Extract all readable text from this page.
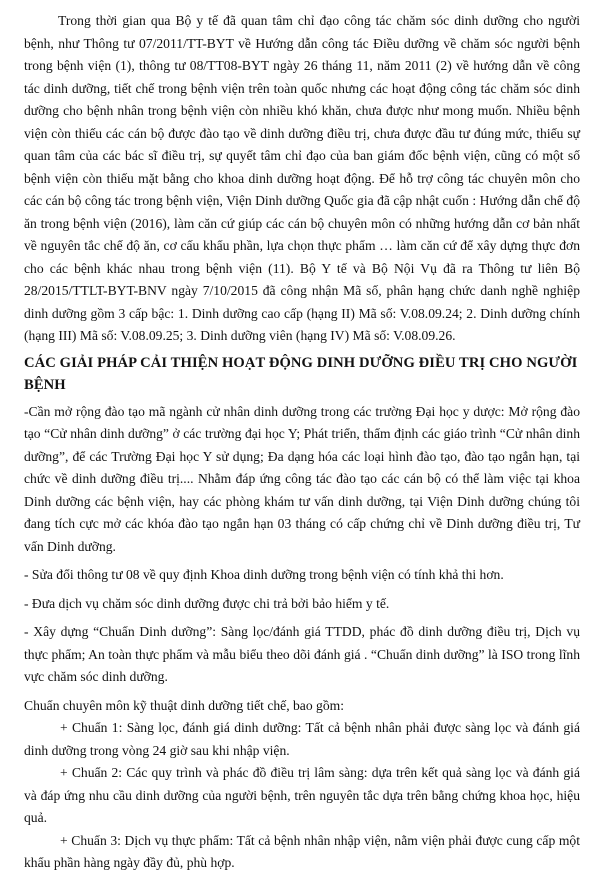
Trong thời gian qua Bộ y tế đã quan tâm chỉ đạo công tác chăm sóc dinh dưỡng cho người bệnh, như Thông tư 07/2011/TT-BYT về Hướng dẫn công tác Điều dưỡng về chăm sóc người bệnh trong bệnh viện (1), thông tư 08/TT08-BYT ngày 26 tháng 11, năm 2011 (2) về hướng dẫn về công tác dinh dưỡng, tiết chế trong bệnh viện trên toàn quốc nhưng các hoạt động công tác chăm sóc dinh dưỡng cho bệnh nhân trong bệnh viện còn nhiều khó khăn, chưa được như mong muốn. Nhiều bệnh viện còn thiếu các cán bộ được đào tạo về dinh dưỡng điều trị, chưa được đầu tư đúng mức, thiếu sự quan tâm của các bác sĩ điều trị, sự quyết tâm chỉ đạo của ban giám đốc bệnh viện, cũng có một số bệnh viện còn thiếu mặt bằng cho khoa dinh dưỡng hoạt động. Để hỗ trợ công tác chuyên môn cho các cán bộ công tác trong bệnh viện, Viện Dinh dưỡng Quốc gia đã cập nhật cuốn : Hướng dẫn chế độ ăn trong bệnh viện (2016), làm căn cứ giúp các cán bộ chuyên môn có những hướng dẫn cơ bản nhất về nguyên tắc chế độ ăn, cơ cấu khẩu phần, lựa chọn thực phẩm … làm căn cứ để xây dựng thực đơn cho các bệnh khác nhau trong bệnh viện (11). Bộ Y tế và Bộ Nội Vụ đã ra Thông tư liên Bộ 28/2015/TTLT-BYT-BNV ngày 7/10/2015 đã công nhận Mã số, phân hạng chức danh nghề nghiệp dinh dưỡng gồm 3 cấp bậc: 1. Dinh dưỡng cao cấp (hạng II) Mã số: V.08.09.24; 2. Dinh dưỡng chính (hạng III) Mã số: V.08.09.25; 3. Dinh dưỡng viên (hạng IV) Mã số: V.08.09.26.

CÁC GIẢI PHÁP CẢI THIỆN HOẠT ĐỘNG DINH DƯỠNG ĐIỀU TRỊ CHO NGƯỜI BỆNH

-Cần mở rộng đào tạo mã ngành cử nhân dinh dưỡng trong các trường Đại học y dược: Mở rộng đào tạo “Cử nhân dinh dưỡng” ở các trường đại học Y; Phát triển, thẩm định các giáo trình “Cử nhân dinh dưỡng”, để các Trường Đại học Y sử dụng; Đa dạng hóa các loại hình đào tạo, đào tạo ngắn hạn, tại chức về dinh dưỡng điều trị.... Nhằm đáp ứng công tác đào tạo các cán bộ có thể làm việc tại khoa Dinh dưỡng các bệnh viện, hay các phòng khám tư vấn dinh dưỡng, tại Viện Dinh dưỡng chúng tôi đang tích cực mở các khóa đào tạo ngắn hạn 03 tháng có cấp chứng chỉ về Dinh dưỡng điều trị, Tư vấn Dinh dưỡng.

- Sửa đổi thông tư 08 về quy định Khoa dinh dưỡng trong bệnh viện có tính khả thi hơn.

- Đưa dịch vụ chăm sóc dinh dưỡng được chi trả bởi bảo hiểm y tế.

- Xây dựng “Chuẩn Dinh dưỡng”: Sàng lọc/đánh giá TTDD, phác đồ dinh dưỡng điều trị, Dịch vụ thực phẩm; An toàn thực phẩm và mẫu biểu theo dõi đánh giá . “Chuẩn dinh dưỡng” là ISO trong lĩnh vực chăm sóc dinh dưỡng.

Chuẩn chuyên môn kỹ thuật dinh dưỡng tiết chế, bao gồm:

+ Chuẩn 1: Sàng lọc, đánh giá dinh dưỡng: Tất cả bệnh nhân phải được sàng lọc và đánh giá dinh dưỡng trong vòng 24 giờ sau khi nhập viện.

+ Chuẩn 2: Các quy trình và phác đồ điều trị lâm sàng: dựa trên kết quả sàng lọc và đánh giá và đáp ứng nhu cầu dinh dưỡng của người bệnh, trên nguyên tắc dựa trên bằng chứng khoa học, hiệu quả.

+ Chuẩn 3: Dịch vụ thực phẩm: Tất cả bệnh nhân nhập viện, nằm viện phải được cung cấp một khẩu phần hàng ngày đầy đủ, phù hợp.
